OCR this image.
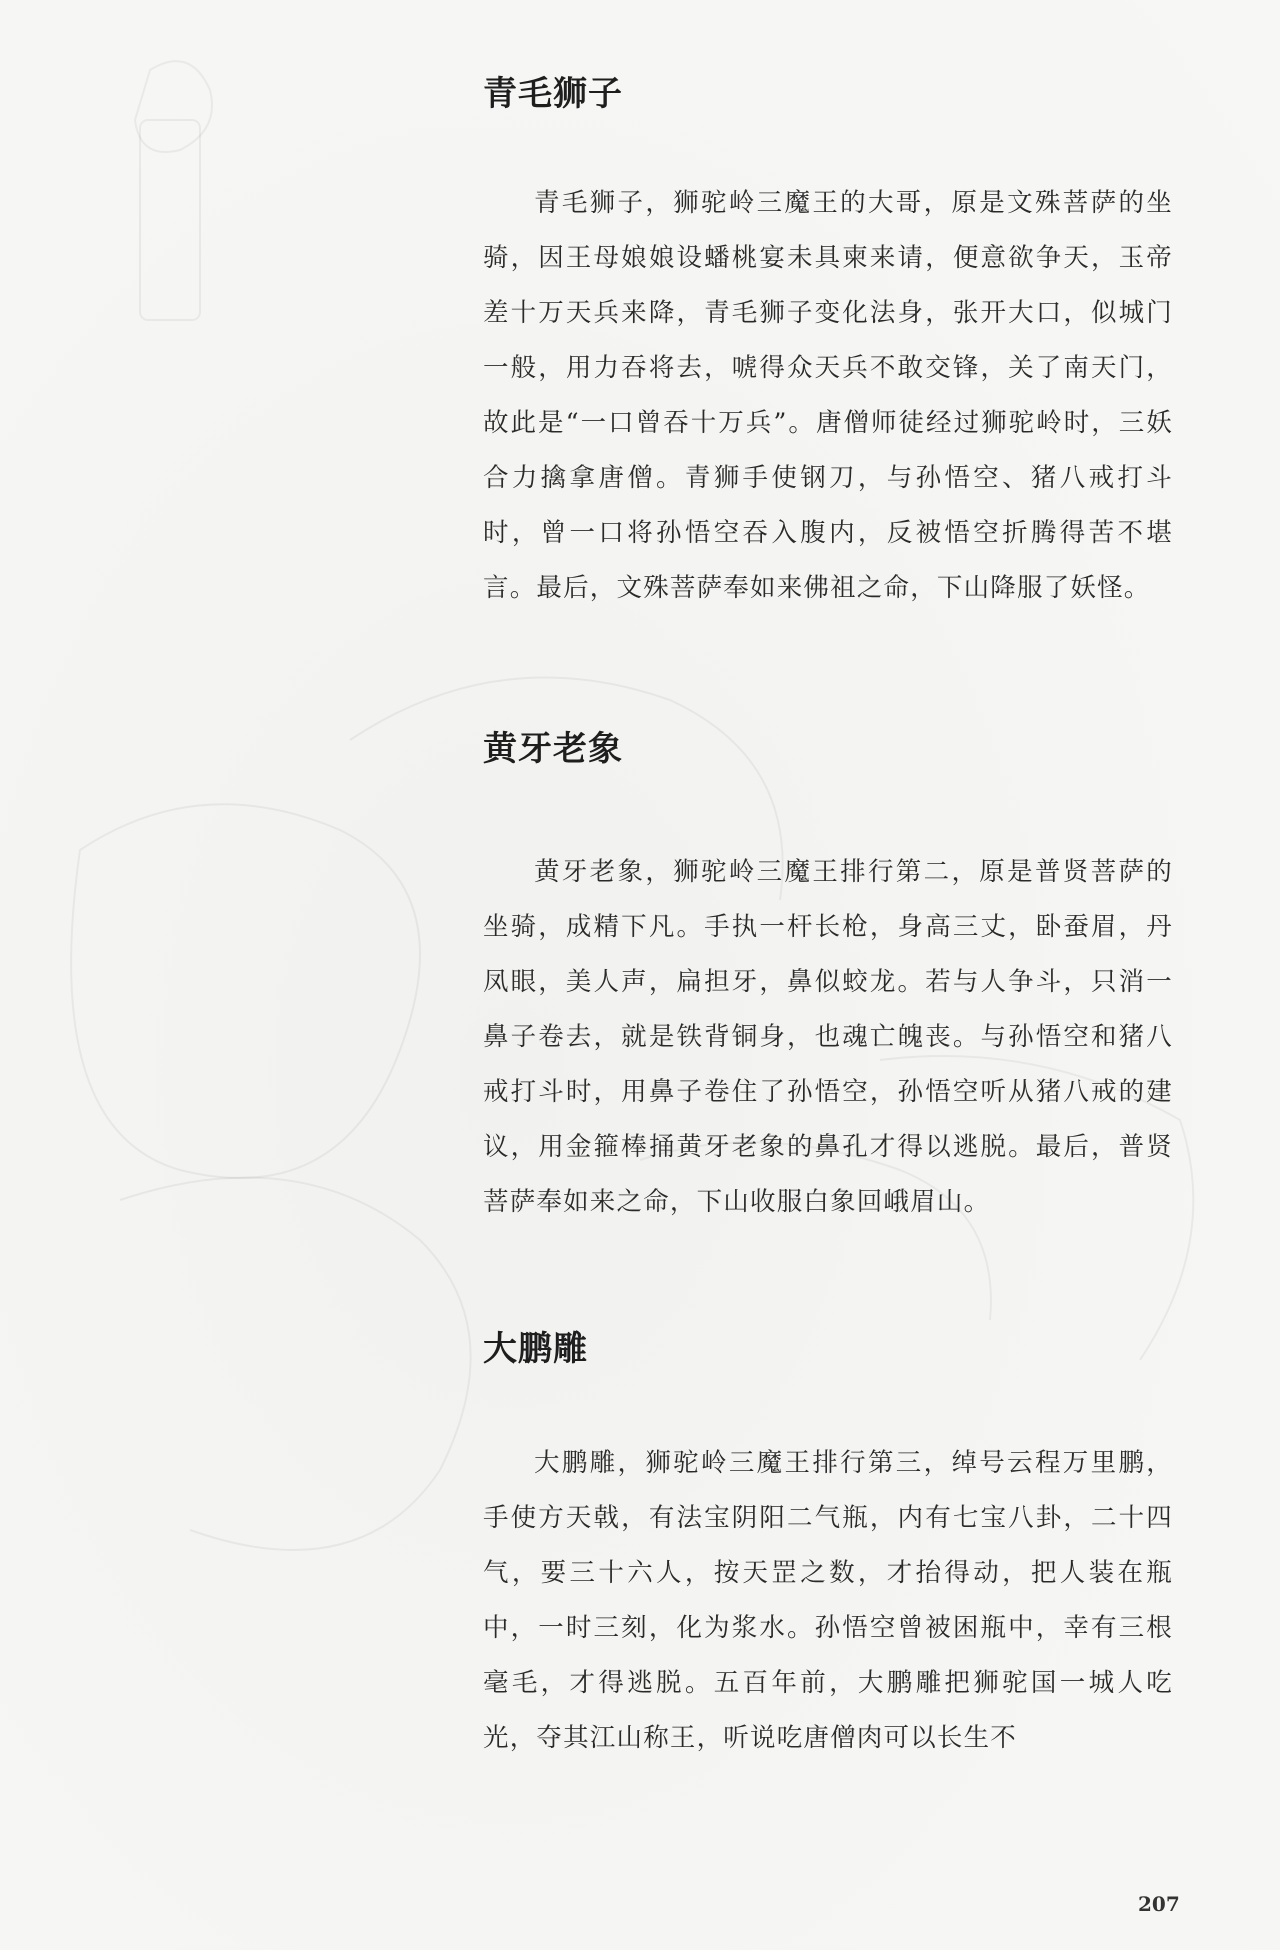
青毛狮子

青毛狮子，狮驼岭三魔王的大哥，原是文殊菩萨的坐骑，因王母娘娘设蟠桃宴未具柬来请，便意欲争天，玉帝差十万天兵来降，青毛狮子变化法身，张开大口，似城门一般，用力吞将去，唬得众天兵不敢交锋，关了南天门，故此是“一口曾吞十万兵”。唐僧师徒经过狮驼岭时，三妖合力擒拿唐僧。青狮手使钢刀，与孙悟空、猪八戒打斗时，曾一口将孙悟空吞入腹内，反被悟空折腾得苦不堪言。最后，文殊菩萨奉如来佛祖之命，下山降服了妖怪。

黄牙老象

黄牙老象，狮驼岭三魔王排行第二，原是普贤菩萨的坐骑，成精下凡。手执一杆长枪，身高三丈，卧蚕眉，丹凤眼，美人声，扁担牙，鼻似蛟龙。若与人争斗，只消一鼻子卷去，就是铁背铜身，也魂亡魄丧。与孙悟空和猪八戒打斗时，用鼻子卷住了孙悟空，孙悟空听从猪八戒的建议，用金箍棒捅黄牙老象的鼻孔才得以逃脱。最后，普贤菩萨奉如来之命，下山收服白象回峨眉山。

大鹏雕

大鹏雕，狮驼岭三魔王排行第三，绰号云程万里鹏，手使方天戟，有法宝阴阳二气瓶，内有七宝八卦，二十四气，要三十六人，按天罡之数，才抬得动，把人装在瓶中，一时三刻，化为浆水。孙悟空曾被困瓶中，幸有三根毫毛，才得逃脱。五百年前，大鹏雕把狮驼国一城人吃光，夺其江山称王，听说吃唐僧肉可以长生不

207
